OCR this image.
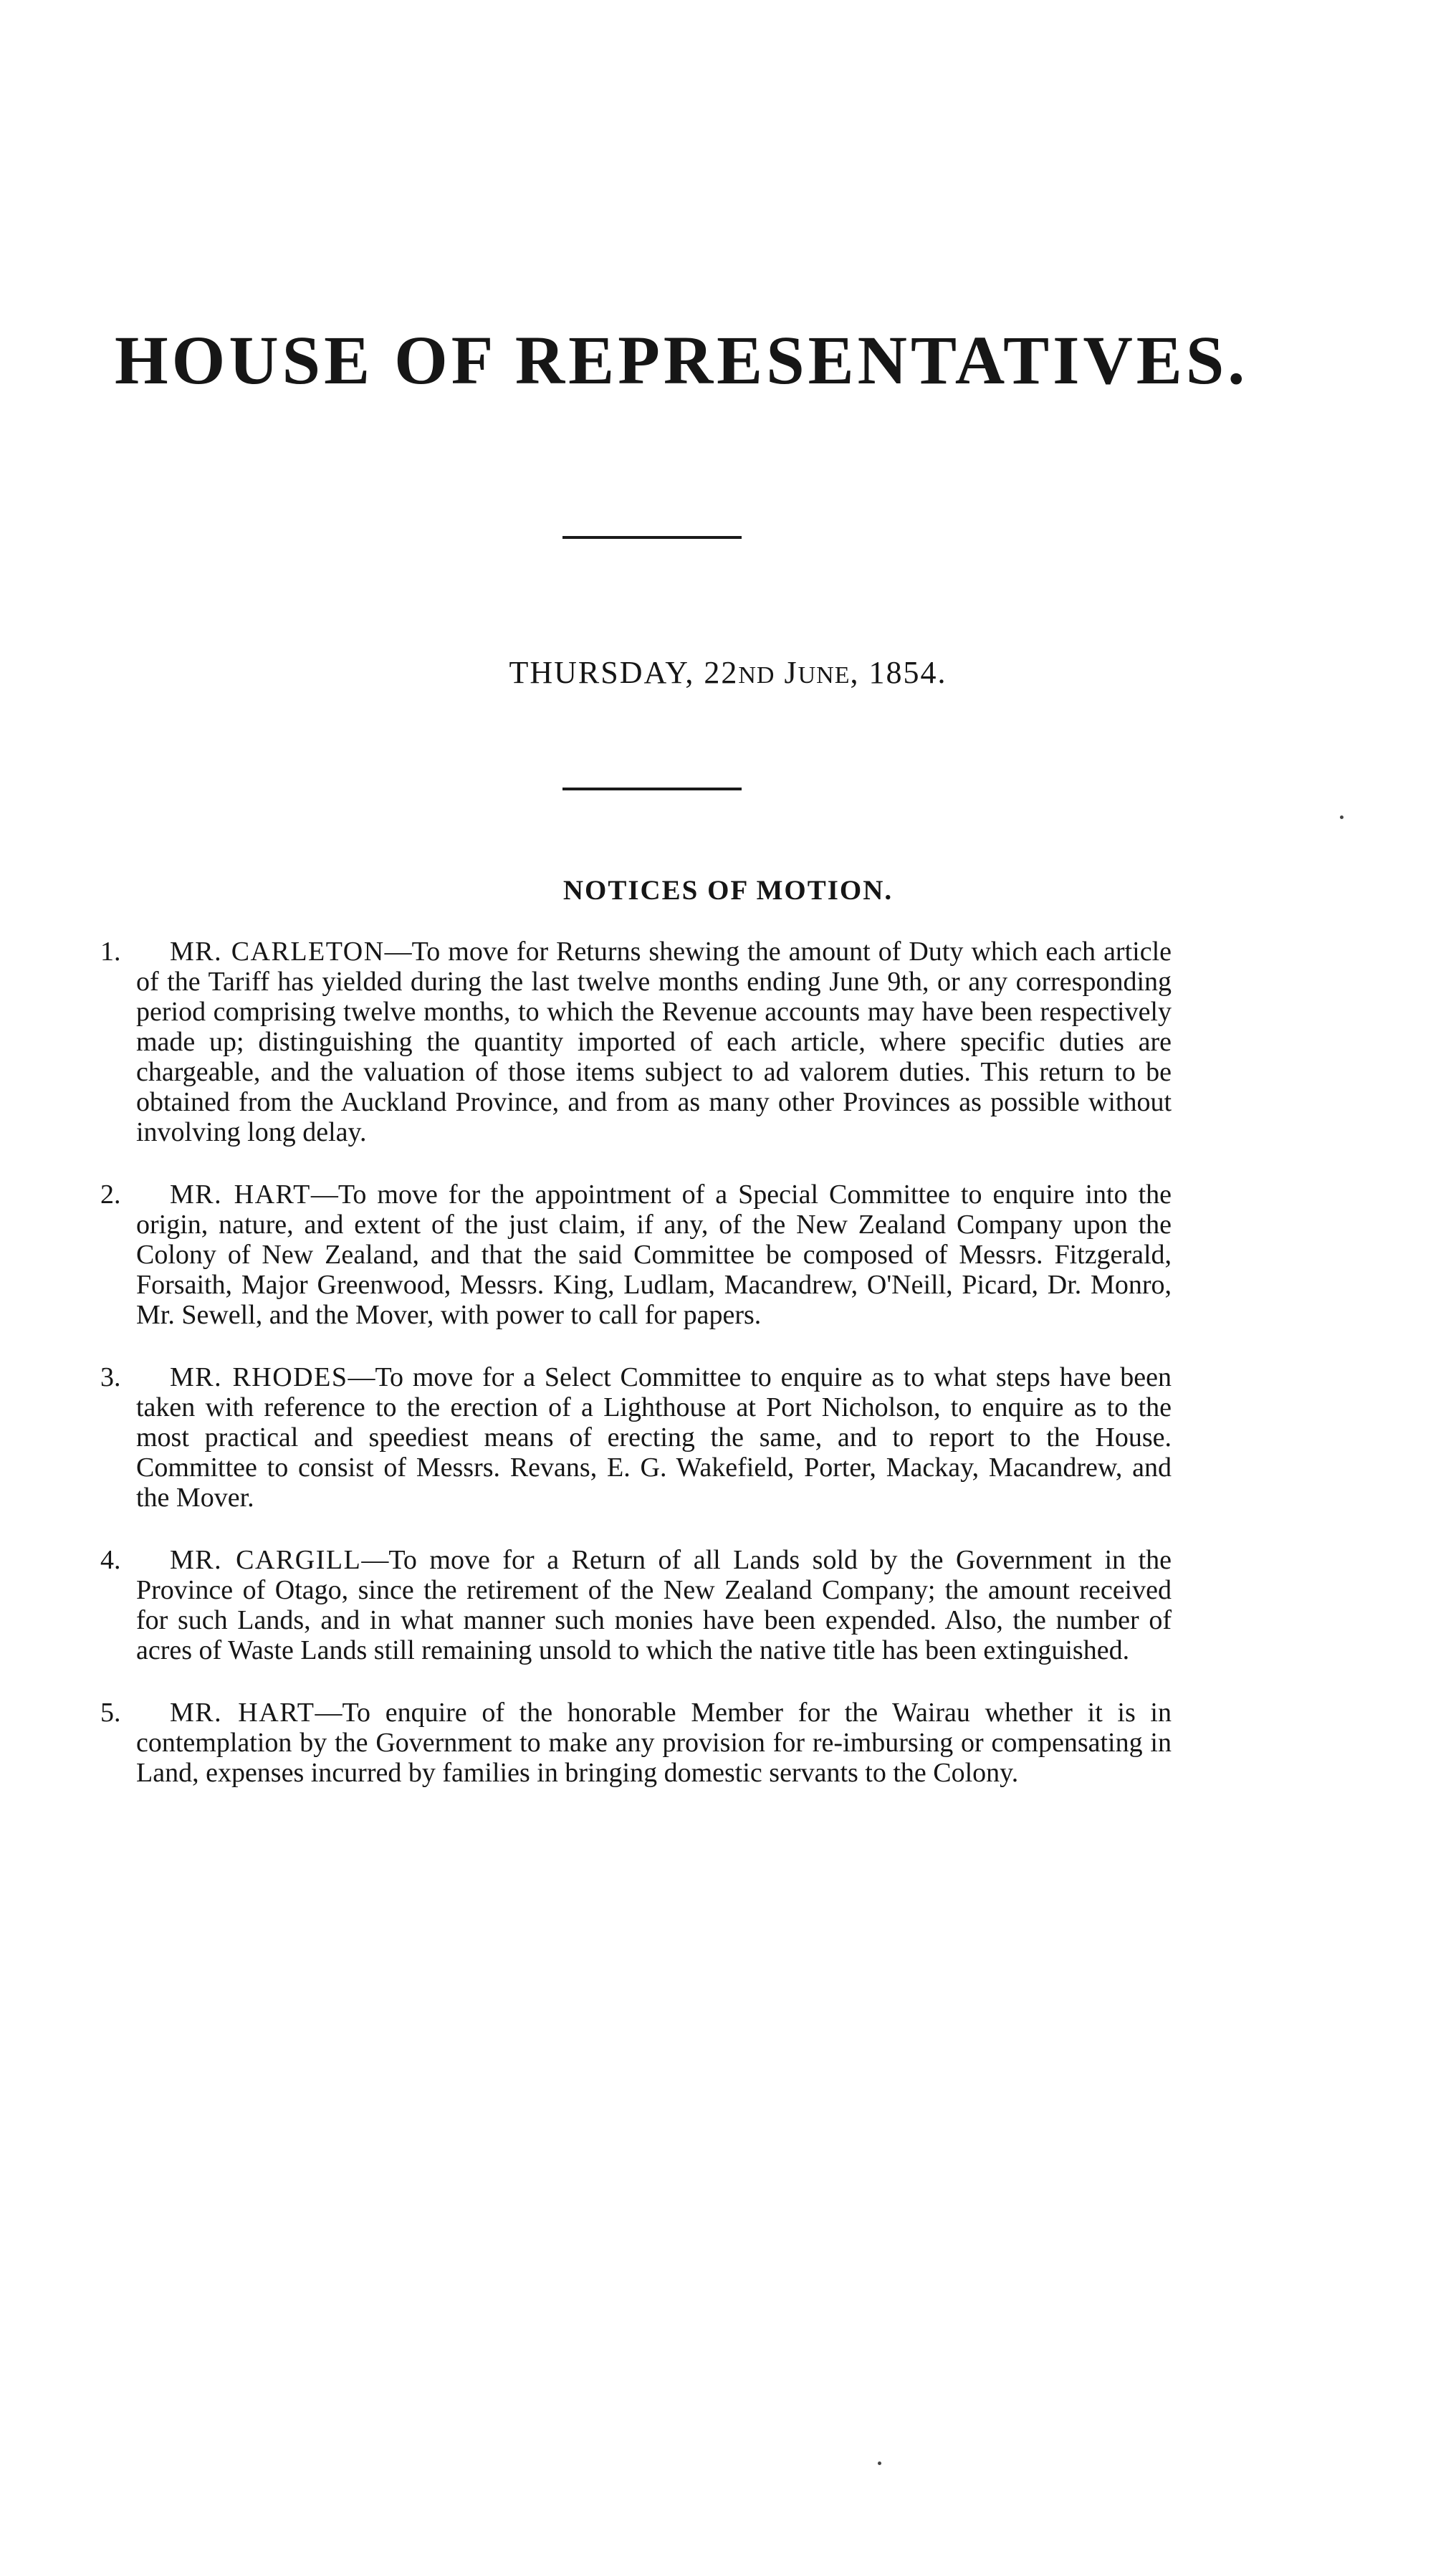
HOUSE OF REPRESENTATIVES.

THURSDAY, 22ND JUNE, 1854.

NOTICES OF MOTION.
1.	MR. CARLETON—To move for Returns shewing the amount of Duty which each article of the Tariff has yielded during the last twelve months ending June 9th, or any corresponding period comprising twelve months, to which the Revenue accounts may have been respectively made up; distinguishing the quantity imported of each article, where specific duties are chargeable, and the valuation of those items subject to ad valorem duties. This return to be obtained from the Auckland Province, and from as many other Provinces as possible without involving long delay.
2.	MR. HART—To move for the appointment of a Special Committee to enquire into the origin, nature, and extent of the just claim, if any, of the New Zealand Company upon the Colony of New Zealand, and that the said Committee be composed of Messrs. Fitzgerald, Forsaith, Major Greenwood, Messrs. King, Ludlam, Macandrew, O'Neill, Picard, Dr. Monro, Mr. Sewell, and the Mover, with power to call for papers.
3.	MR. RHODES—To move for a Select Committee to enquire as to what steps have been taken with reference to the erection of a Lighthouse at Port Nicholson, to enquire as to the most practical and speediest means of erecting the same, and to report to the House. Committee to consist of Messrs. Revans, E. G. Wakefield, Porter, Mackay, Macandrew, and the Mover.
4.	MR. CARGILL—To move for a Return of all Lands sold by the Government in the Province of Otago, since the retirement of the New Zealand Company; the amount received for such Lands, and in what manner such monies have been expended. Also, the number of acres of Waste Lands still remaining unsold to which the native title has been extinguished.
5.	MR. HART—To enquire of the honorable Member for the Wairau whether it is in contemplation by the Government to make any provision for re-imbursing or compensating in Land, expenses incurred by families in bringing domestic servants to the Colony.
